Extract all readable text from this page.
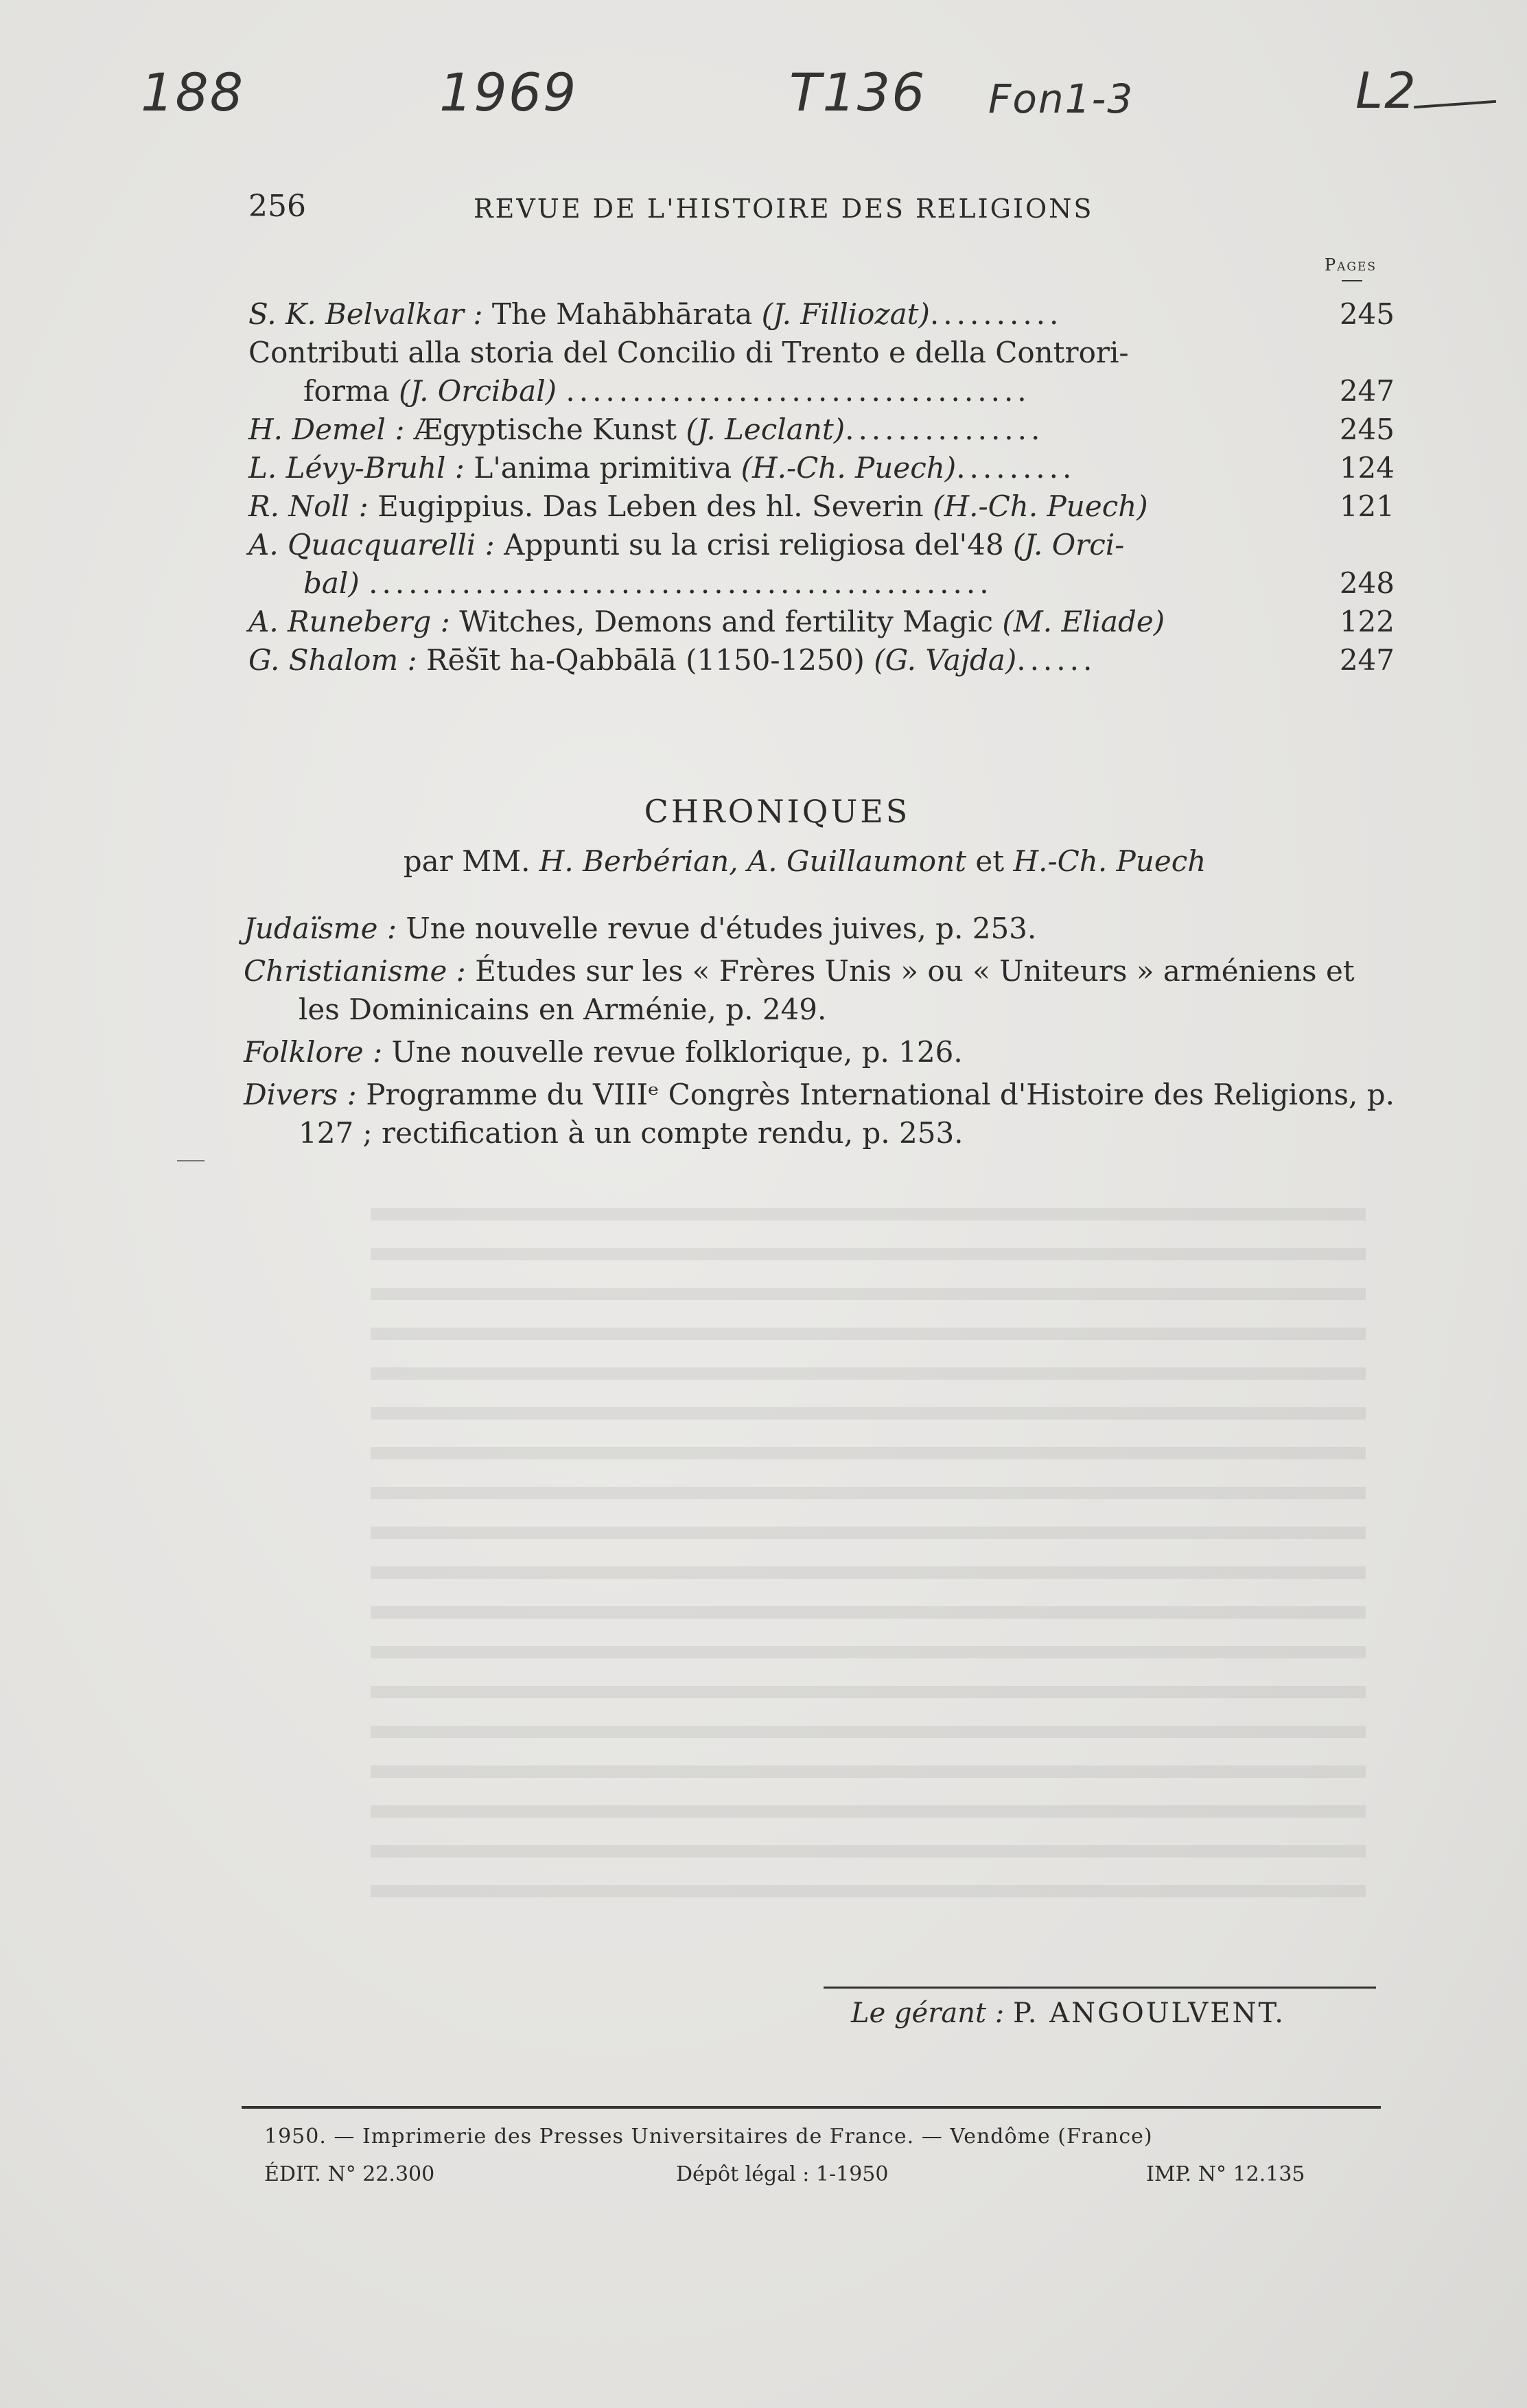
188	1969	T136 Fon1-3	L2
256	REVUE DE L'HISTOIRE DES RELIGIONS
Pages
S. K. Belvalkar : The Mahābhārata (J. Filliozat)..........	245
Contributi alla storia del Concilio di Trento e della Controri-
forma (J. Orcibal) ...................................	247
H. Demel : Ægyptische Kunst (J. Leclant)...............	245
L. Lévy-Bruhl : L'anima primitiva (H.-Ch. Puech).........	124
R. Noll : Eugippius. Das Leben des hl. Severin (H.-Ch. Puech)	121
A. Quacquarelli : Appunti su la crisi religiosa del'48 (J. Orci-
bal) ...............................................	248
A. Runeberg : Witches, Demons and fertility Magic (M. Eliade)	122
G. Shalom : Rēšīt ha-Qabbālā (1150-1250) (G. Vajda)......	247
CHRONIQUES
par MM. H. Berbérian, A. Guillaumont et H.-Ch. Puech
Judaïsme : Une nouvelle revue d'études juives, p. 253.
Christianisme : Études sur les « Frères Unis » ou « Uniteurs » arméniens et les Dominicains en Arménie, p. 249.
Folklore : Une nouvelle revue folklorique, p. 126.
Divers : Programme du VIIIᵉ Congrès International d'Histoire des Religions, p. 127 ; rectification à un compte rendu, p. 253.
Le gérant : P. ANGOULVENT.
1950. — Imprimerie des Presses Universitaires de France. — Vendôme (France)
ÉDIT. N° 22.300	Dépôt légal : 1-1950	IMP. N° 12.135
